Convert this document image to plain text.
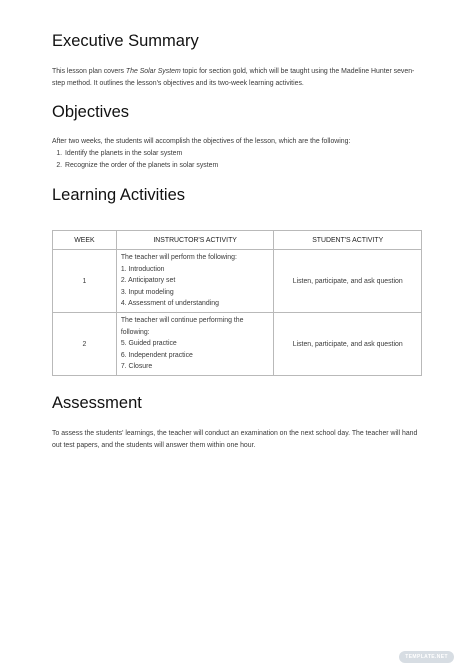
Executive Summary

This lesson plan covers The Solar System topic for section gold, which will be taught using the Madeline Hunter seven-step method. It outlines the lesson's objectives and its two-week learning activities.

Objectives

After two weeks, the students will accomplish the objectives of the lesson, which are the following:

1. Identify the planets in the solar system
2. Recognize the order of the planets in solar system
Learning Activities
WEEK	INSTRUCTOR'S ACTIVITY	STUDENT'S ACTIVITY
1	The teacher will perform the following:
1. Introduction
2. Anticipatory set
3. Input modeling
4. Assessment of understanding	Listen, participate, and ask question
2	The teacher will continue performing the following:
5. Guided practice
6. Independent practice
7. Closure	Listen, participate, and ask question
Assessment

To assess the students' learnings, the teacher will conduct an examination on the next school day. The teacher will hand out test papers, and the students will answer them within one hour.

TEMPLATE.NET
